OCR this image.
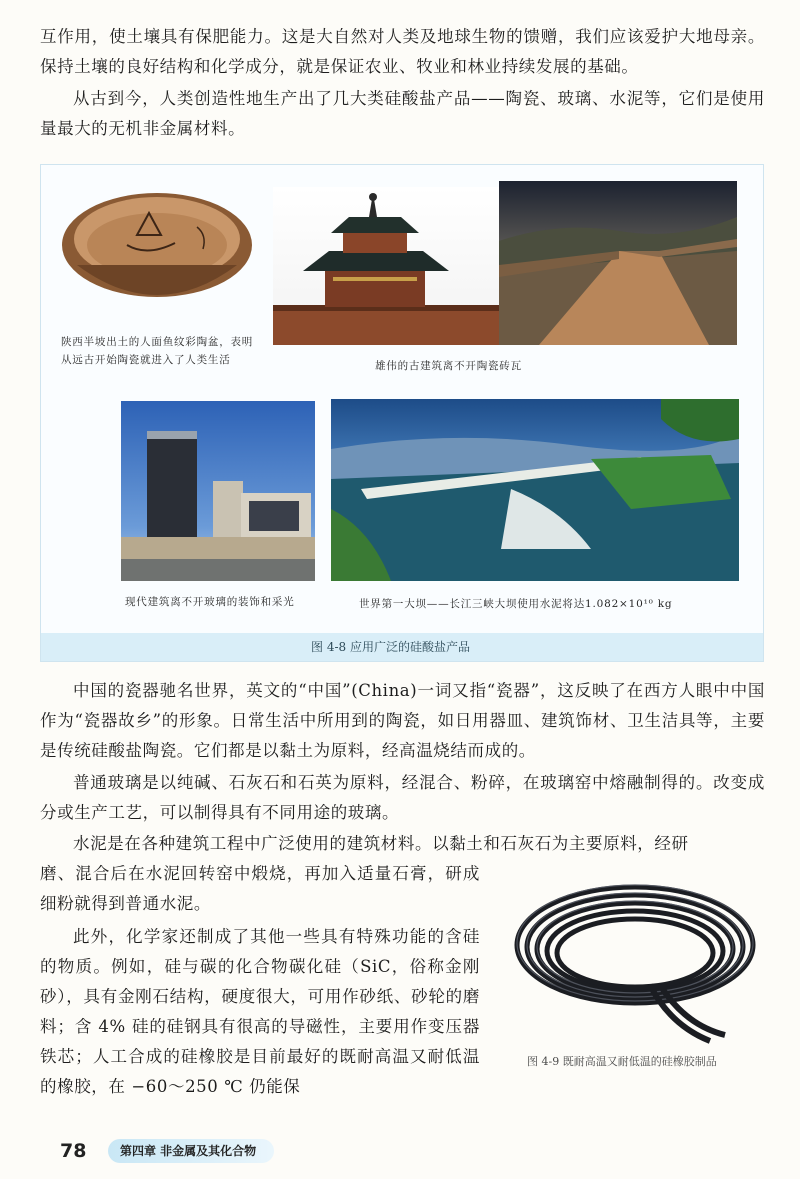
互作用，使土壤具有保肥能力。这是大自然对人类及地球生物的馈赠，我们应该爱护大地母亲。保持土壤的良好结构和化学成分，就是保证农业、牧业和林业持续发展的基础。

从古到今，人类创造性地生产出了几大类硅酸盐产品——陶瓷、玻璃、水泥等，它们是使用量最大的无机非金属材料。

陕西半坡出土的人面鱼纹彩陶盆，表明从远古开始陶瓷就进入了人类生活	雄伟的古建筑离不开陶瓷砖瓦
现代建筑离不开玻璃的装饰和采光	世界第一大坝——长江三峡大坝使用水泥将达1.082×10¹⁰ kg
图 4-8 应用广泛的硅酸盐产品

中国的瓷器驰名世界，英文的“中国”(China)一词又指“瓷器”，这反映了在西方人眼中中国作为“瓷器故乡”的形象。日常生活中所用到的陶瓷，如日用器皿、建筑饰材、卫生洁具等，主要是传统硅酸盐陶瓷。它们都是以黏土为原料，经高温烧结而成的。

普通玻璃是以纯碱、石灰石和石英为原料，经混合、粉碎，在玻璃窑中熔融制得的。改变成分或生产工艺，可以制得具有不同用途的玻璃。

水泥是在各种建筑工程中广泛使用的建筑材料。以黏土和石灰石为主要原料，经研

磨、混合后在水泥回转窑中煅烧，再加入适量石膏，研成细粉就得到普通水泥。

此外，化学家还制成了其他一些具有特殊功能的含硅的物质。例如，硅与碳的化合物碳化硅（SiC，俗称金刚砂），具有金刚石结构，硬度很大，可用作砂纸、砂轮的磨料；含 4% 硅的硅钢具有很高的导磁性，主要用作变压器铁芯；人工合成的硅橡胶是目前最好的既耐高温又耐低温的橡胶，在 −60～250 ℃ 仍能保

图 4-9 既耐高温又耐低温的硅橡胶制品
78	第四章 非金属及其化合物
